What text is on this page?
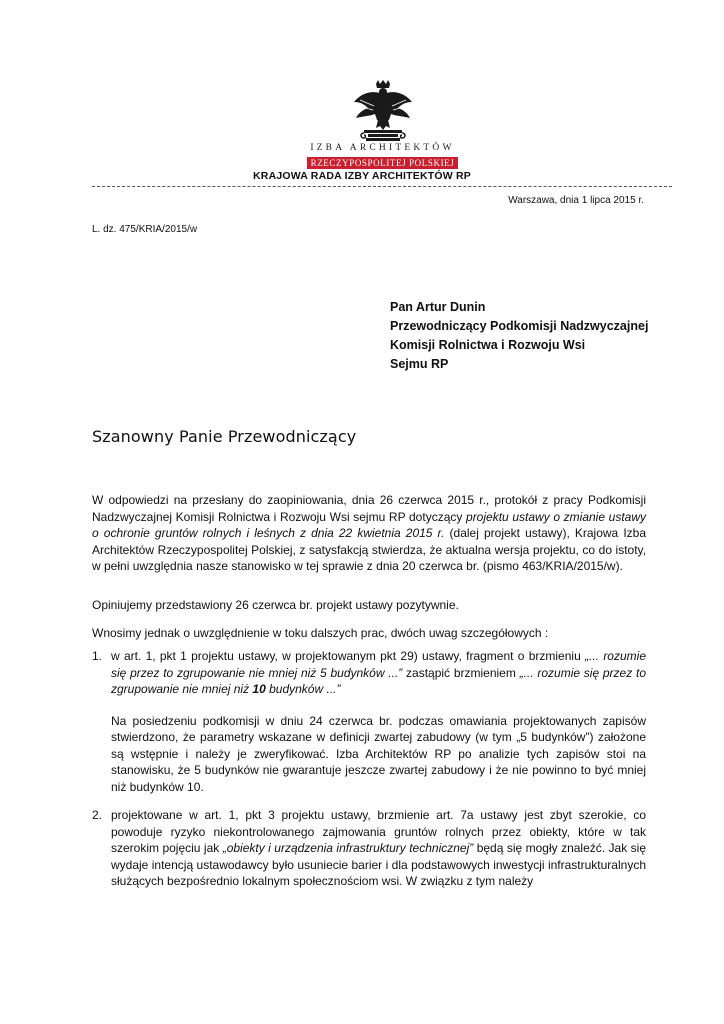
IZBA ARCHITEKTÓW
RZECZYPOSPOLITEJ POLSKIEJ
KRAJOWA RADA IZBY ARCHITEKTÓW RP
Warszawa, dnia 1 lipca 2015 r.
L. dz. 475/KRIA/2015/w
Pan Artur Dunin
Przewodniczący Podkomisji Nadzwyczajnej
Komisji Rolnictwa i Rozwoju Wsi
Sejmu RP
Szanowny Panie Przewodniczący
W odpowiedzi na przesłany do zaopiniowania, dnia 26 czerwca 2015 r., protokół z pracy Podkomisji Nadzwyczajnej Komisji Rolnictwa i Rozwoju Wsi sejmu RP dotyczący projektu ustawy o zmianie ustawy o ochronie gruntów rolnych i leśnych z dnia 22 kwietnia 2015 r. (dalej projekt ustawy), Krajowa Izba Architektów Rzeczypospolitej Polskiej, z satysfakcją stwierdza, że aktualna wersja projektu, co do istoty, w pełni uwzględnia nasze stanowisko w tej sprawie z dnia 20 czerwca br. (pismo 463/KRIA/2015/w).
Opiniujemy przedstawiony 26 czerwca br. projekt ustawy pozytywnie.
Wnosimy jednak o uwzględnienie w toku dalszych prac, dwóch uwag szczegółowych :
1. w art. 1, pkt 1 projektu ustawy, w projektowanym pkt 29) ustawy, fragment o brzmieniu „... rozumie się przez to zgrupowanie nie mniej niż 5 budynków ...” zastąpić brzmieniem „... rozumie się przez to zgrupowanie nie mniej niż 10 budynków ...”

Na posiedzeniu podkomisji w dniu 24 czerwca br. podczas omawiania projektowanych zapisów stwierdzono, że parametry wskazane w definicji zwartej zabudowy (w tym „5 budynków”) założone są wstępnie i należy je zweryfikować. Izba Architektów RP po analizie tych zapisów stoi na stanowisku, że 5 budynków nie gwarantuje jeszcze zwartej zabudowy i że nie powinno to być mniej niż budynków 10.

2. projektowane w art. 1, pkt 3 projektu ustawy, brzmienie art. 7a ustawy jest zbyt szerokie, co powoduje ryzyko niekontrolowanego zajmowania gruntów rolnych przez obiekty, które w tak szerokim pojęciu jak „obiekty i urządzenia infrastruktury technicznej” będą się mogły znaleźć. Jak się wydaje intencją ustawodawcy było usuniecie barier i dla podstawowych inwestycji infrastrukturalnych służących bezpośrednio lokalnym społecznościom wsi. W związku z tym należy
